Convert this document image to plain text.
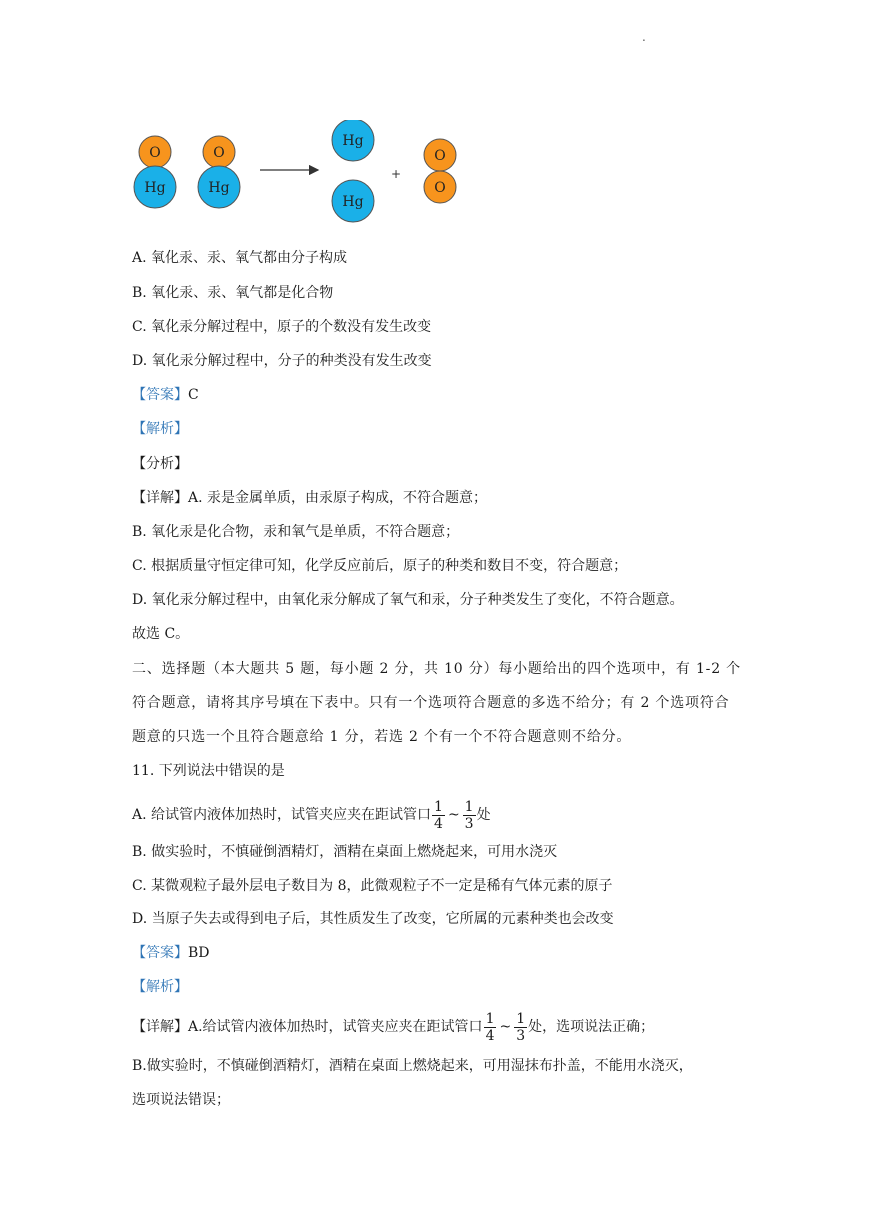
.
O
Hg
O
Hg
Hg
Hg
+
O
O
A. 氧化汞、汞、氧气都由分子构成
B. 氧化汞、汞、氧气都是化合物
C. 氧化汞分解过程中，原子的个数没有发生改变
D. 氧化汞分解过程中，分子的种类没有发生改变
【答案】C
【解析】
【分析】
【详解】A. 汞是金属单质，由汞原子构成，不符合题意；
B. 氧化汞是化合物，汞和氧气是单质，不符合题意；
C. 根据质量守恒定律可知，化学反应前后，原子的种类和数目不变，符合题意；
D. 氧化汞分解过程中，由氧化汞分解成了氧气和汞，分子种类发生了变化，不符合题意。
故选 C。
二、选择题（本大题共 5 题，每小题 2 分，共 10 分）每小题给出的四个选项中，有 1-2 个
符合题意，请将其序号填在下表中。只有一个选项符合题意的多选不给分；有 2 个选项符合
题意的只选一个且符合题意给 1 分，若选 2 个有一个不符合题意则不给分。
11. 下列说法中错误的是
A. 给试管内液体加热时，试管夹应夹在距试管口 $\frac{1}{4}$ ~ $\frac{1}{3}$ 处
B. 做实验时，不慎碰倒酒精灯，酒精在桌面上燃烧起来，可用水浇灭
C. 某微观粒子最外层电子数目为 8，此微观粒子不一定是稀有气体元素的原子
D. 当原子失去或得到电子后，其性质发生了改变，它所属的元素种类也会改变
【答案】BD
【解析】
【详解】A.给试管内液体加热时，试管夹应夹在距试管口 $\frac{1}{4}$ ~ $\frac{1}{3}$ 处，选项说法正确；
B.做实验时，不慎碰倒酒精灯，酒精在桌面上燃烧起来，可用湿抹布扑盖，不能用水浇灭，
选项说法错误；
